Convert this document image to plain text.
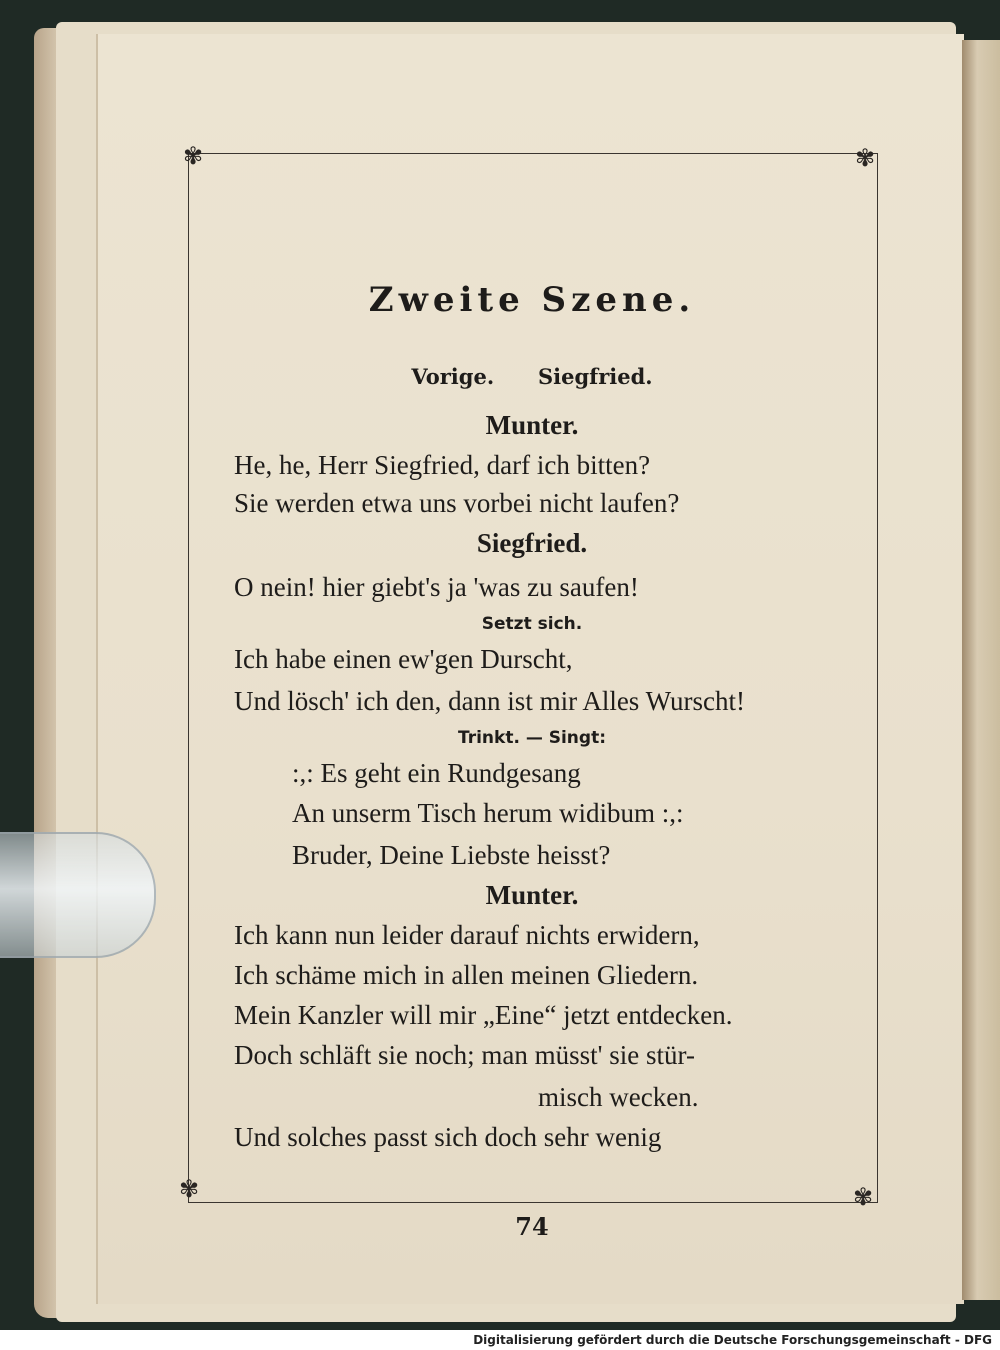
✾	✾
✾	✾
Zweite Szene.
Vorige.      Siegfried.
Munter.
He, he, Herr Siegfried, darf ich bitten?
Sie werden etwa uns vorbei nicht laufen?
Siegfried.
O nein! hier giebt's ja 'was zu saufen!
Setzt sich.
Ich habe einen ew'gen Durscht,
Und lösch' ich den, dann ist mir Alles Wurscht!
Trinkt. — Singt:
:,: Es geht ein Rundgesang
An unserm Tisch herum widibum :,:
Bruder, Deine Liebste heisst?
Munter.
Ich kann nun leider darauf nichts erwidern,
Ich schäme mich in allen meinen Gliedern.
Mein Kanzler will mir „Eine“ jetzt entdecken.
Doch schläft sie noch; man müsst' sie stür-
misch wecken.
Und solches passt sich doch sehr wenig
74
Digitalisierung gefördert durch die Deutsche Forschungsgemeinschaft - DFG
